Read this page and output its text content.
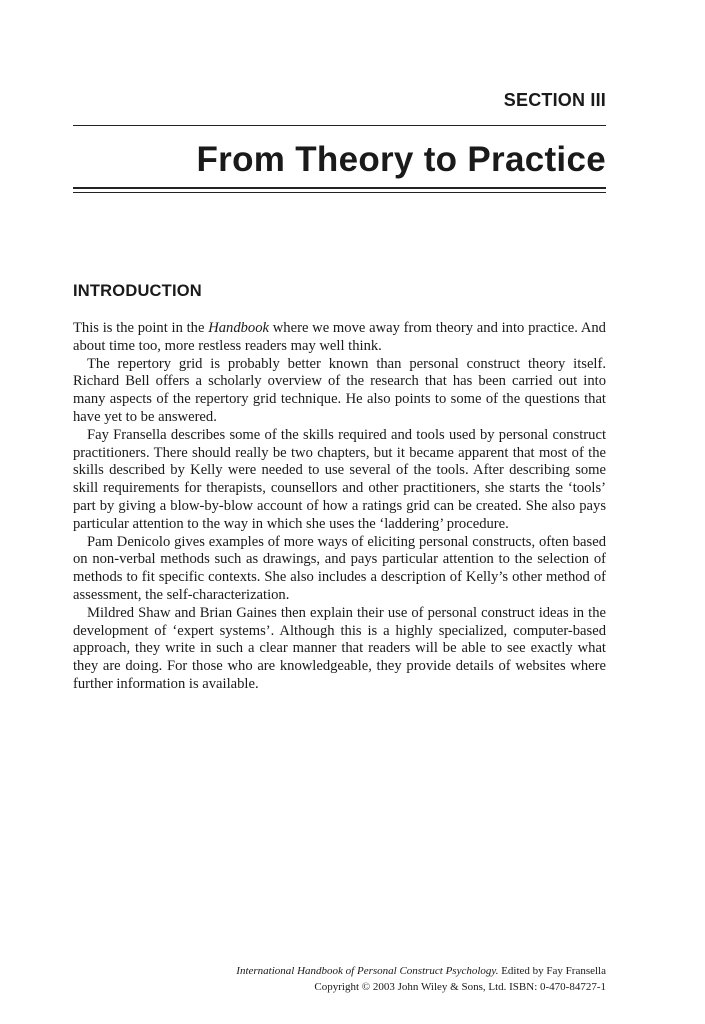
SECTION III
From Theory to Practice
INTRODUCTION

This is the point in the Handbook where we move away from theory and into practice. And about time too, more restless readers may well think.

The repertory grid is probably better known than personal construct theory itself. Richard Bell offers a scholarly overview of the research that has been carried out into many aspects of the repertory grid technique. He also points to some of the questions that have yet to be answered.

Fay Fransella describes some of the skills required and tools used by personal construct practitioners. There should really be two chapters, but it became apparent that most of the skills described by Kelly were needed to use several of the tools. After describing some skill requirements for therapists, counsellors and other practitioners, she starts the ‘tools’ part by giving a blow-by-blow account of how a ratings grid can be created. She also pays particular attention to the way in which she uses the ‘laddering’ procedure.

Pam Denicolo gives examples of more ways of eliciting personal constructs, often based on non-verbal methods such as drawings, and pays particular attention to the selection of methods to fit specific contexts. She also includes a description of Kelly’s other method of assessment, the self-characterization.

Mildred Shaw and Brian Gaines then explain their use of personal construct ideas in the development of ‘expert systems’. Although this is a highly specialized, computer-based approach, they write in such a clear manner that readers will be able to see exactly what they are doing. For those who are knowledgeable, they provide details of websites where further information is available.

International Handbook of Personal Construct Psychology. Edited by Fay Fransella
Copyright © 2003 John Wiley & Sons, Ltd. ISBN: 0-470-84727-1
